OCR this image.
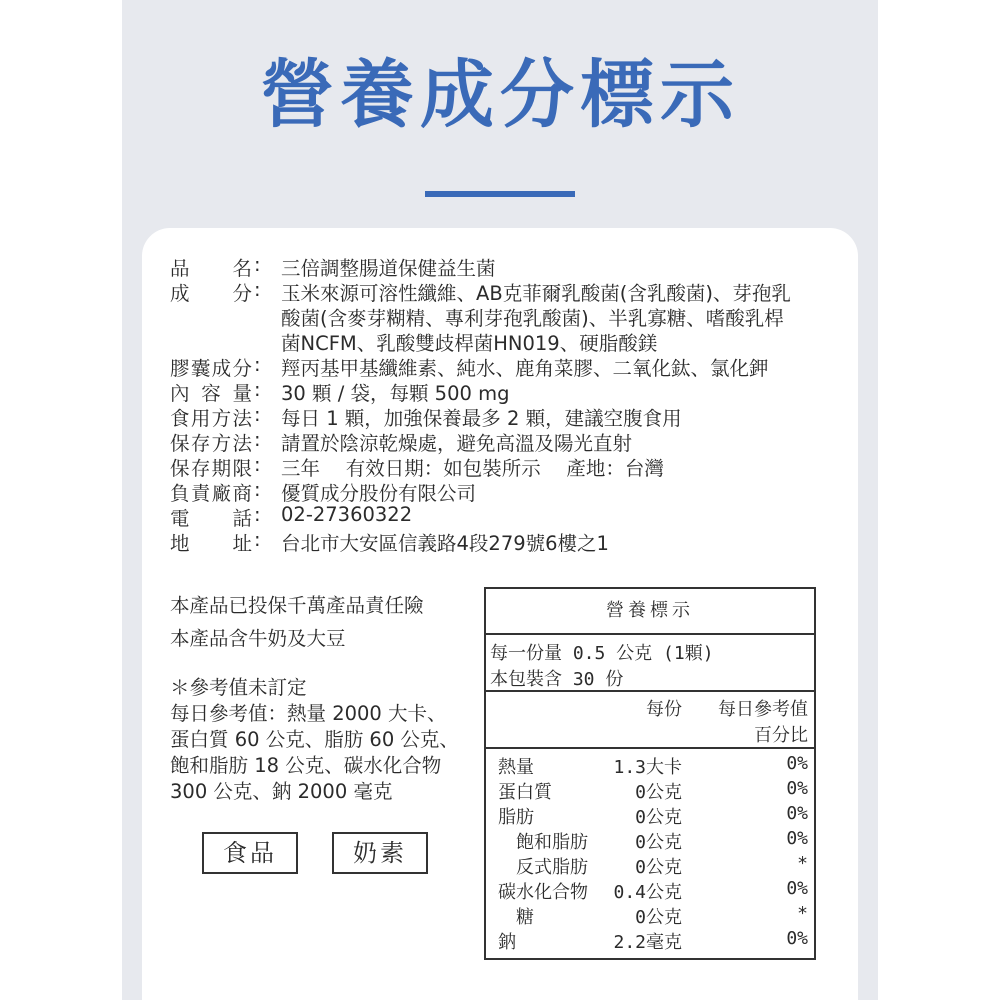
營養成分標示
品名 : 三倍調整腸道保健益生菌
成分 : 玉米來源可溶性纖維、AB克菲爾乳酸菌(含乳酸菌)、芽孢乳
酸菌(含麥芽糊精、專利芽孢乳酸菌)、半乳寡糖、嗜酸乳桿
菌NCFM、乳酸雙歧桿菌HN019、硬脂酸鎂
膠囊成分 : 羥丙基甲基纖維素、純水、鹿角菜膠、二氧化鈦、氯化鉀
內容量 : 30 顆 / 袋，每顆 500 mg
食用方法 : 每日 1 顆，加強保養最多 2 顆，建議空腹食用
保存方法 : 請置於陰涼乾燥處，避免高溫及陽光直射
保存期限 : 三年　 有效日期：如包裝所示　 產地：台灣
負責廠商 : 優質成分股份有限公司
電話 : 02-27360322
地址 : 台北市大安區信義路4段279號6樓之1
本產品已投保千萬產品責任險
本產品含牛奶及大豆
＊參考值未訂定
每日參考值：熱量 2000 大卡、
蛋白質 60 公克、脂肪 60 公克、
飽和脂肪 18 公克、碳水化合物
300 公克、鈉 2000 毫克
食品	奶素
營養標示
每一份量 0.5 公克 (1顆)
本包裝含 30 份
每份	每日參考值
百分比
熱量	1.3大卡	0%
蛋白質	0公克	0%
脂肪	0公克	0%
　飽和脂肪	0公克	0%
　反式脂肪	0公克	*
碳水化合物	0.4公克	0%
　糖	0公克	*
鈉	2.2毫克	0%
